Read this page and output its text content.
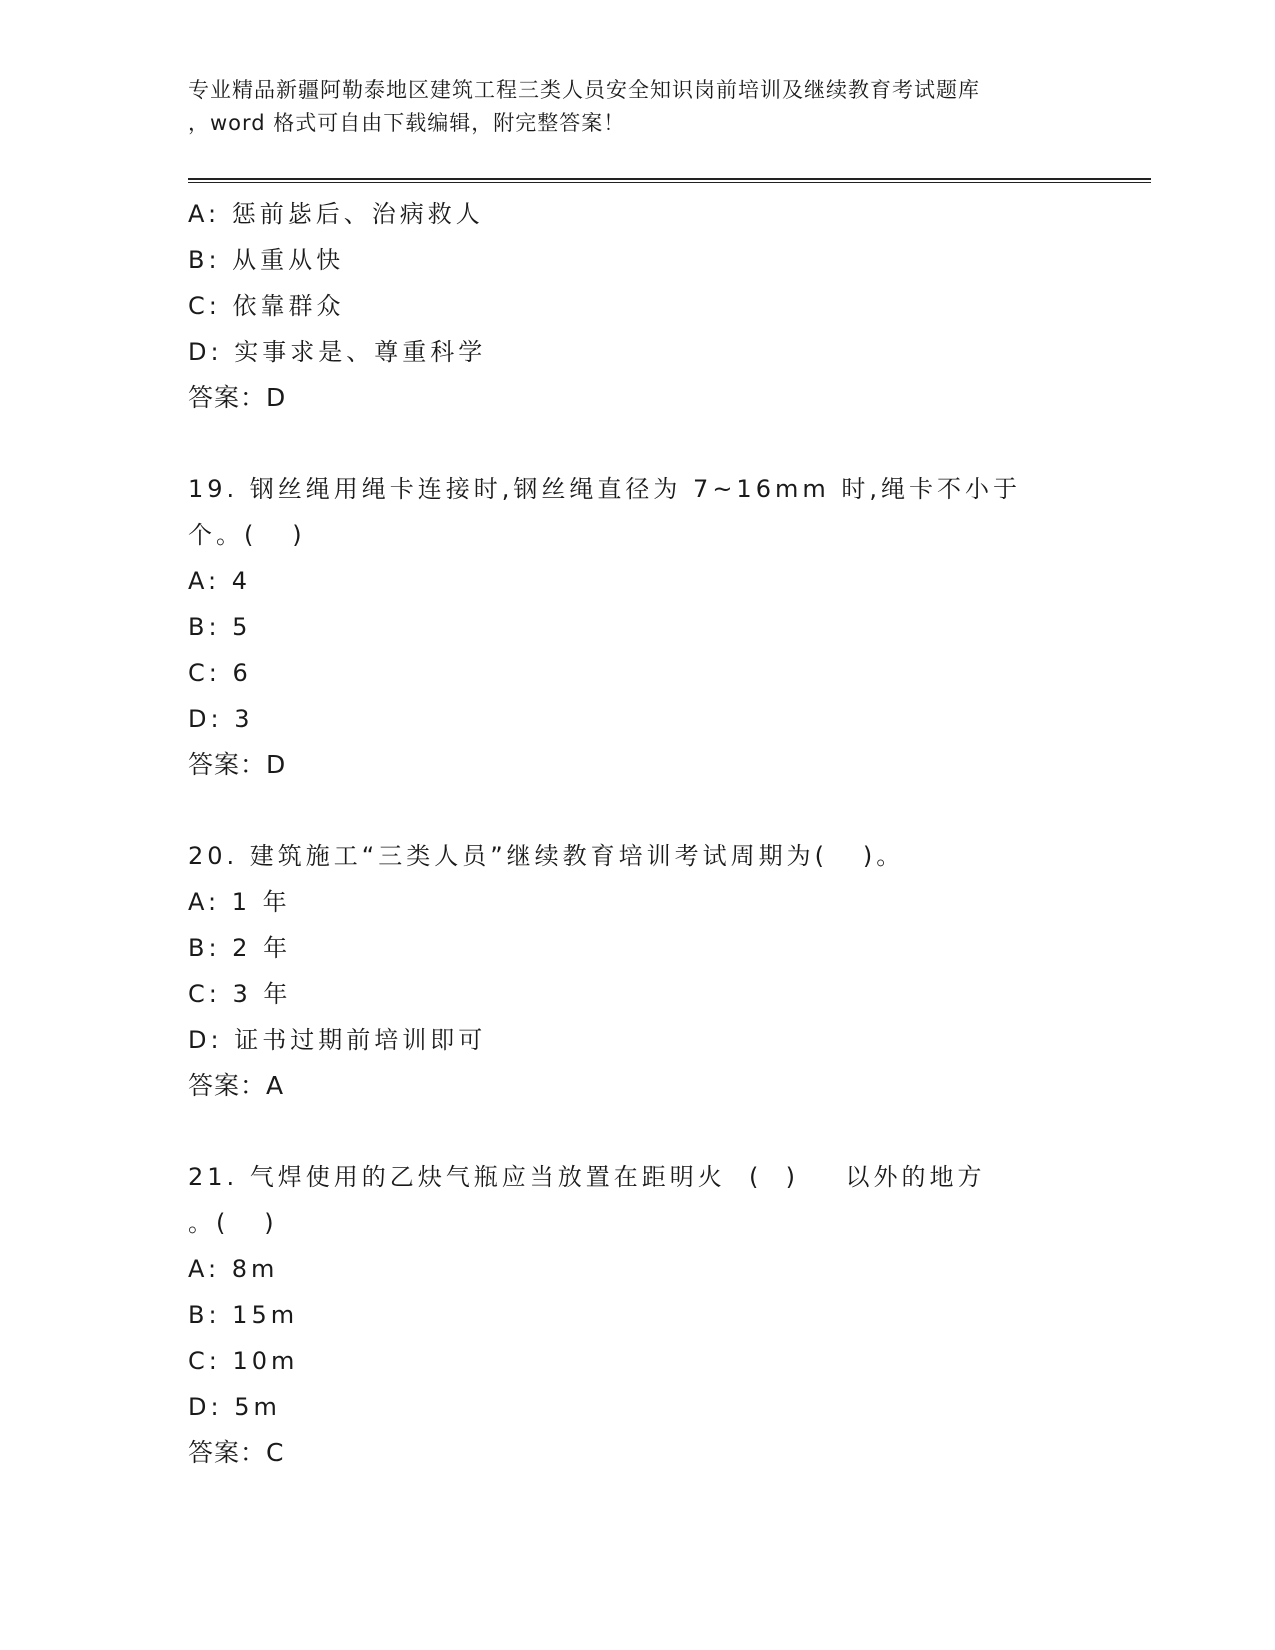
专业精品新疆阿勒泰地区建筑工程三类人员安全知识岗前培训及继续教育考试题库
，word 格式可自由下载编辑，附完整答案！
A: 惩前毖后、治病救人
B: 从重从快
C: 依靠群众
D: 实事求是、尊重科学
答案：D
19. 钢丝绳用绳卡连接时,钢丝绳直径为 7~16mm 时,绳卡不小于
个。(   )
A: 4
B: 5
C: 6
D: 3
答案：D
20. 建筑施工“三类人员”继续教育培训考试周期为(   )。
A: 1 年
B: 2 年
C: 3 年
D: 证书过期前培训即可
答案：A
21. 气焊使用的乙炔气瓶应当放置在距明火  (  )    以外的地方
。(   )
A: 8m
B: 15m
C: 10m
D: 5m
答案：C
